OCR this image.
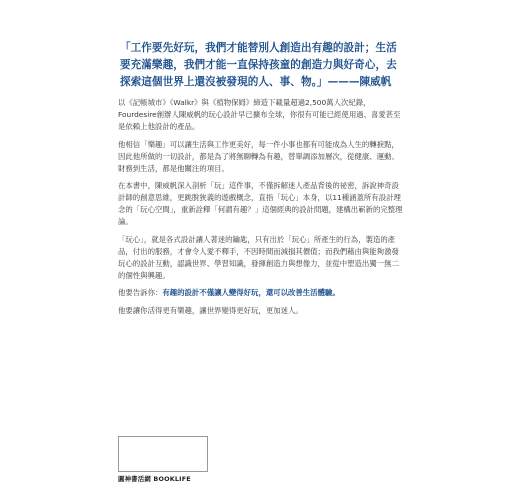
「工作要先好玩，我們才能替別人創造出有趣的設計；生活要充滿樂趣，我們才能一直保持孩童的創造力與好奇心，去探索這個世界上還沒被發現的人、事、物。」———陳威帆

以《記帳城市》《Walkr》與《植物保姆》締造下載量超過2,500萬人次紀錄，Fourdesire創辦人陳威帆的玩心設計早已擴布全球，你很有可能已經使用過、喜愛甚至是依賴上他設計的產品。

他相信「樂趣」可以讓生活與工作更美好，每一件小事也都有可能成為人生的轉捩點，因此他所做的一切設計，都是為了將無聊轉為有趣，替單調添加層次，從健康、運動、財務到生活，都是他關注的項目。

在本書中，陳威帆深入剖析「玩」這件事，不僅拆解迷人產品背後的祕密，訴說神奇設計師的創意思維，更跳脫狹義的遊戲概念，直指「玩心」本身，以11種涵蓋所有設計理念的「玩心空間」，重新詮釋「何謂有趣？」這個經典的設計問題，建構出嶄新的完整理論。

「玩心」，就是各式設計讓人著迷的鑰匙，只有出於「玩心」所產生的行為，製造的產品，付出的服務，才會令人愛不釋手，不因時間而減損其價值；而我們藉由與能夠激發玩心的設計互動，認識世界、學習知識，發揮創造力與想像力，並從中塑造出獨一無二的個性與興趣。

他要告訴你：有趣的設計不僅讓人變得好玩，還可以改善生活體驗。

他要讓你活得更有樂趣，讓世界變得更好玩，更加迷人。

圓神書活網 BOOKLIFE
